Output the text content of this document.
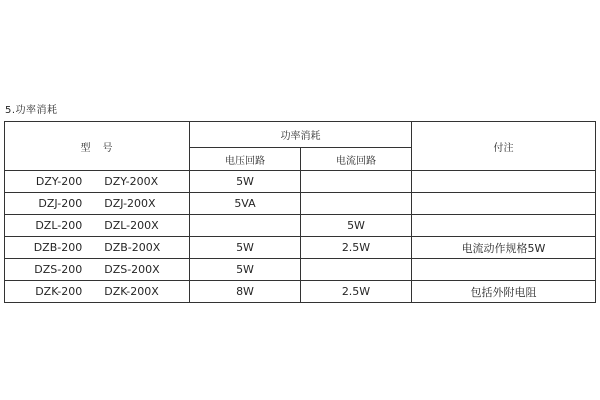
5.功率消耗
型　号	功率消耗		付注
	电压回路	电流回路	
DZY-200 DZY-200X	5W		
DZJ-200 DZJ-200X	5VA		
DZL-200 DZL-200X		5W	
DZB-200 DZB-200X	5W	2.5W	电流动作规格5W
DZS-200 DZS-200X	5W		
DZK-200 DZK-200X	8W	2.5W	包括外附电阻
